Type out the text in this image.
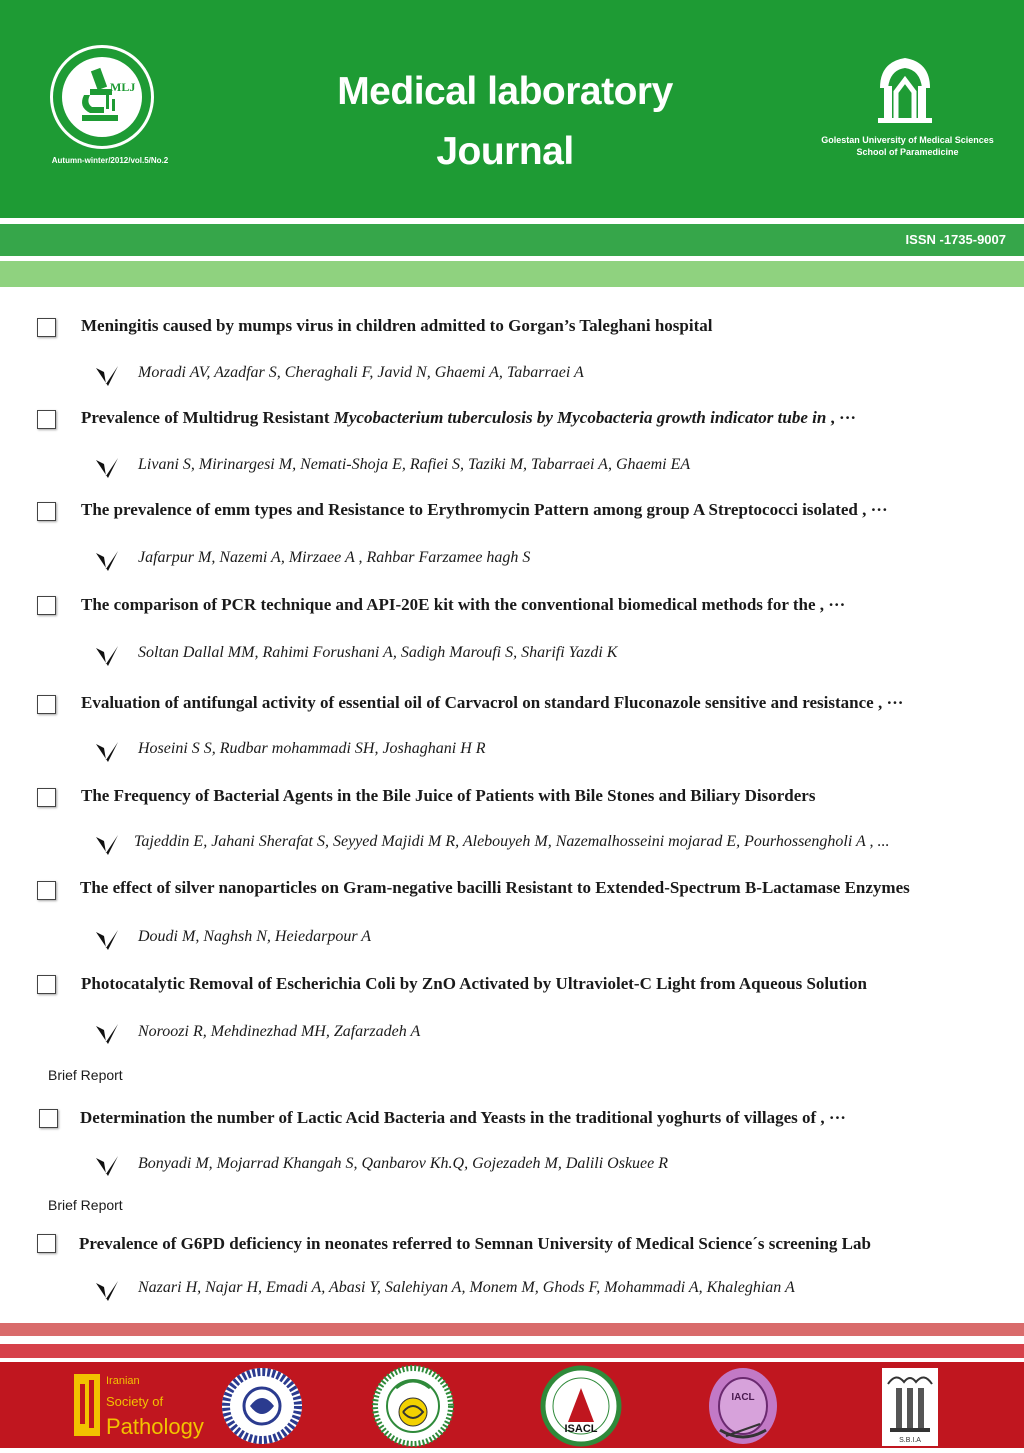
MLJ
Autumn-winter/2012/vol.5/No.2
Medical laboratory
Journal	Golestan University of Medical Sciences
School of Paramedicine
ISSN -1735-9007
Meningitis caused by mumps virus in children admitted to Gorgan’s Taleghani hospital
Moradi AV, Azadfar S, Cheraghali F, Javid N, Ghaemi A, Tabarraei A
Prevalence of Multidrug Resistant Mycobacterium tuberculosis by Mycobacteria growth indicator tube in , ···
Livani S, Mirinargesi M, Nemati-Shoja E, Rafiei S, Taziki M, Tabarraei A, Ghaemi EA
The prevalence of emm types and Resistance to Erythromycin Pattern among group A Streptococci isolated , ···
Jafarpur M, Nazemi A, Mirzaee A , Rahbar Farzamee hagh S
The comparison of PCR technique and API-20E kit with the conventional biomedical methods for the , ···
Soltan Dallal MM, Rahimi Forushani A, Sadigh Maroufi S, Sharifi Yazdi K
Evaluation of antifungal activity of essential oil of Carvacrol on standard Fluconazole sensitive and resistance , ···
Hoseini S S, Rudbar mohammadi SH, Joshaghani H R
The Frequency of Bacterial Agents in the Bile Juice of Patients with Bile Stones and Biliary Disorders
Tajeddin E, Jahani Sherafat S, Seyyed Majidi M R, Alebouyeh M, Nazemalhosseini mojarad E, Pourhossengholi A , ...
The effect of silver nanoparticles on Gram-negative bacilli Resistant to Extended-Spectrum B-Lactamase Enzymes
Doudi M, Naghsh N, Heiedarpour A
Photocatalytic Removal of Escherichia Coli by ZnO Activated by Ultraviolet-C Light from Aqueous Solution
Noroozi R, Mehdinezhad MH, Zafarzadeh A
Brief Report
Determination the number of Lactic Acid Bacteria and Yeasts in the traditional yoghurts of villages of , ···
Bonyadi M, Mojarrad Khangah S, Qanbarov Kh.Q, Gojezadeh M, Dalili Oskuee R
Brief Report
Prevalence of G6PD deficiency in neonates referred to Semnan University of Medical Science´s screening Lab
Nazari H, Najar H, Emadi A, Abasi Y, Salehiyan A, Monem M, Ghods F, Mohammadi A, Khaleghian A
Iranian
Society of
Pathology	ISACL
IACL
S.B.I.A
